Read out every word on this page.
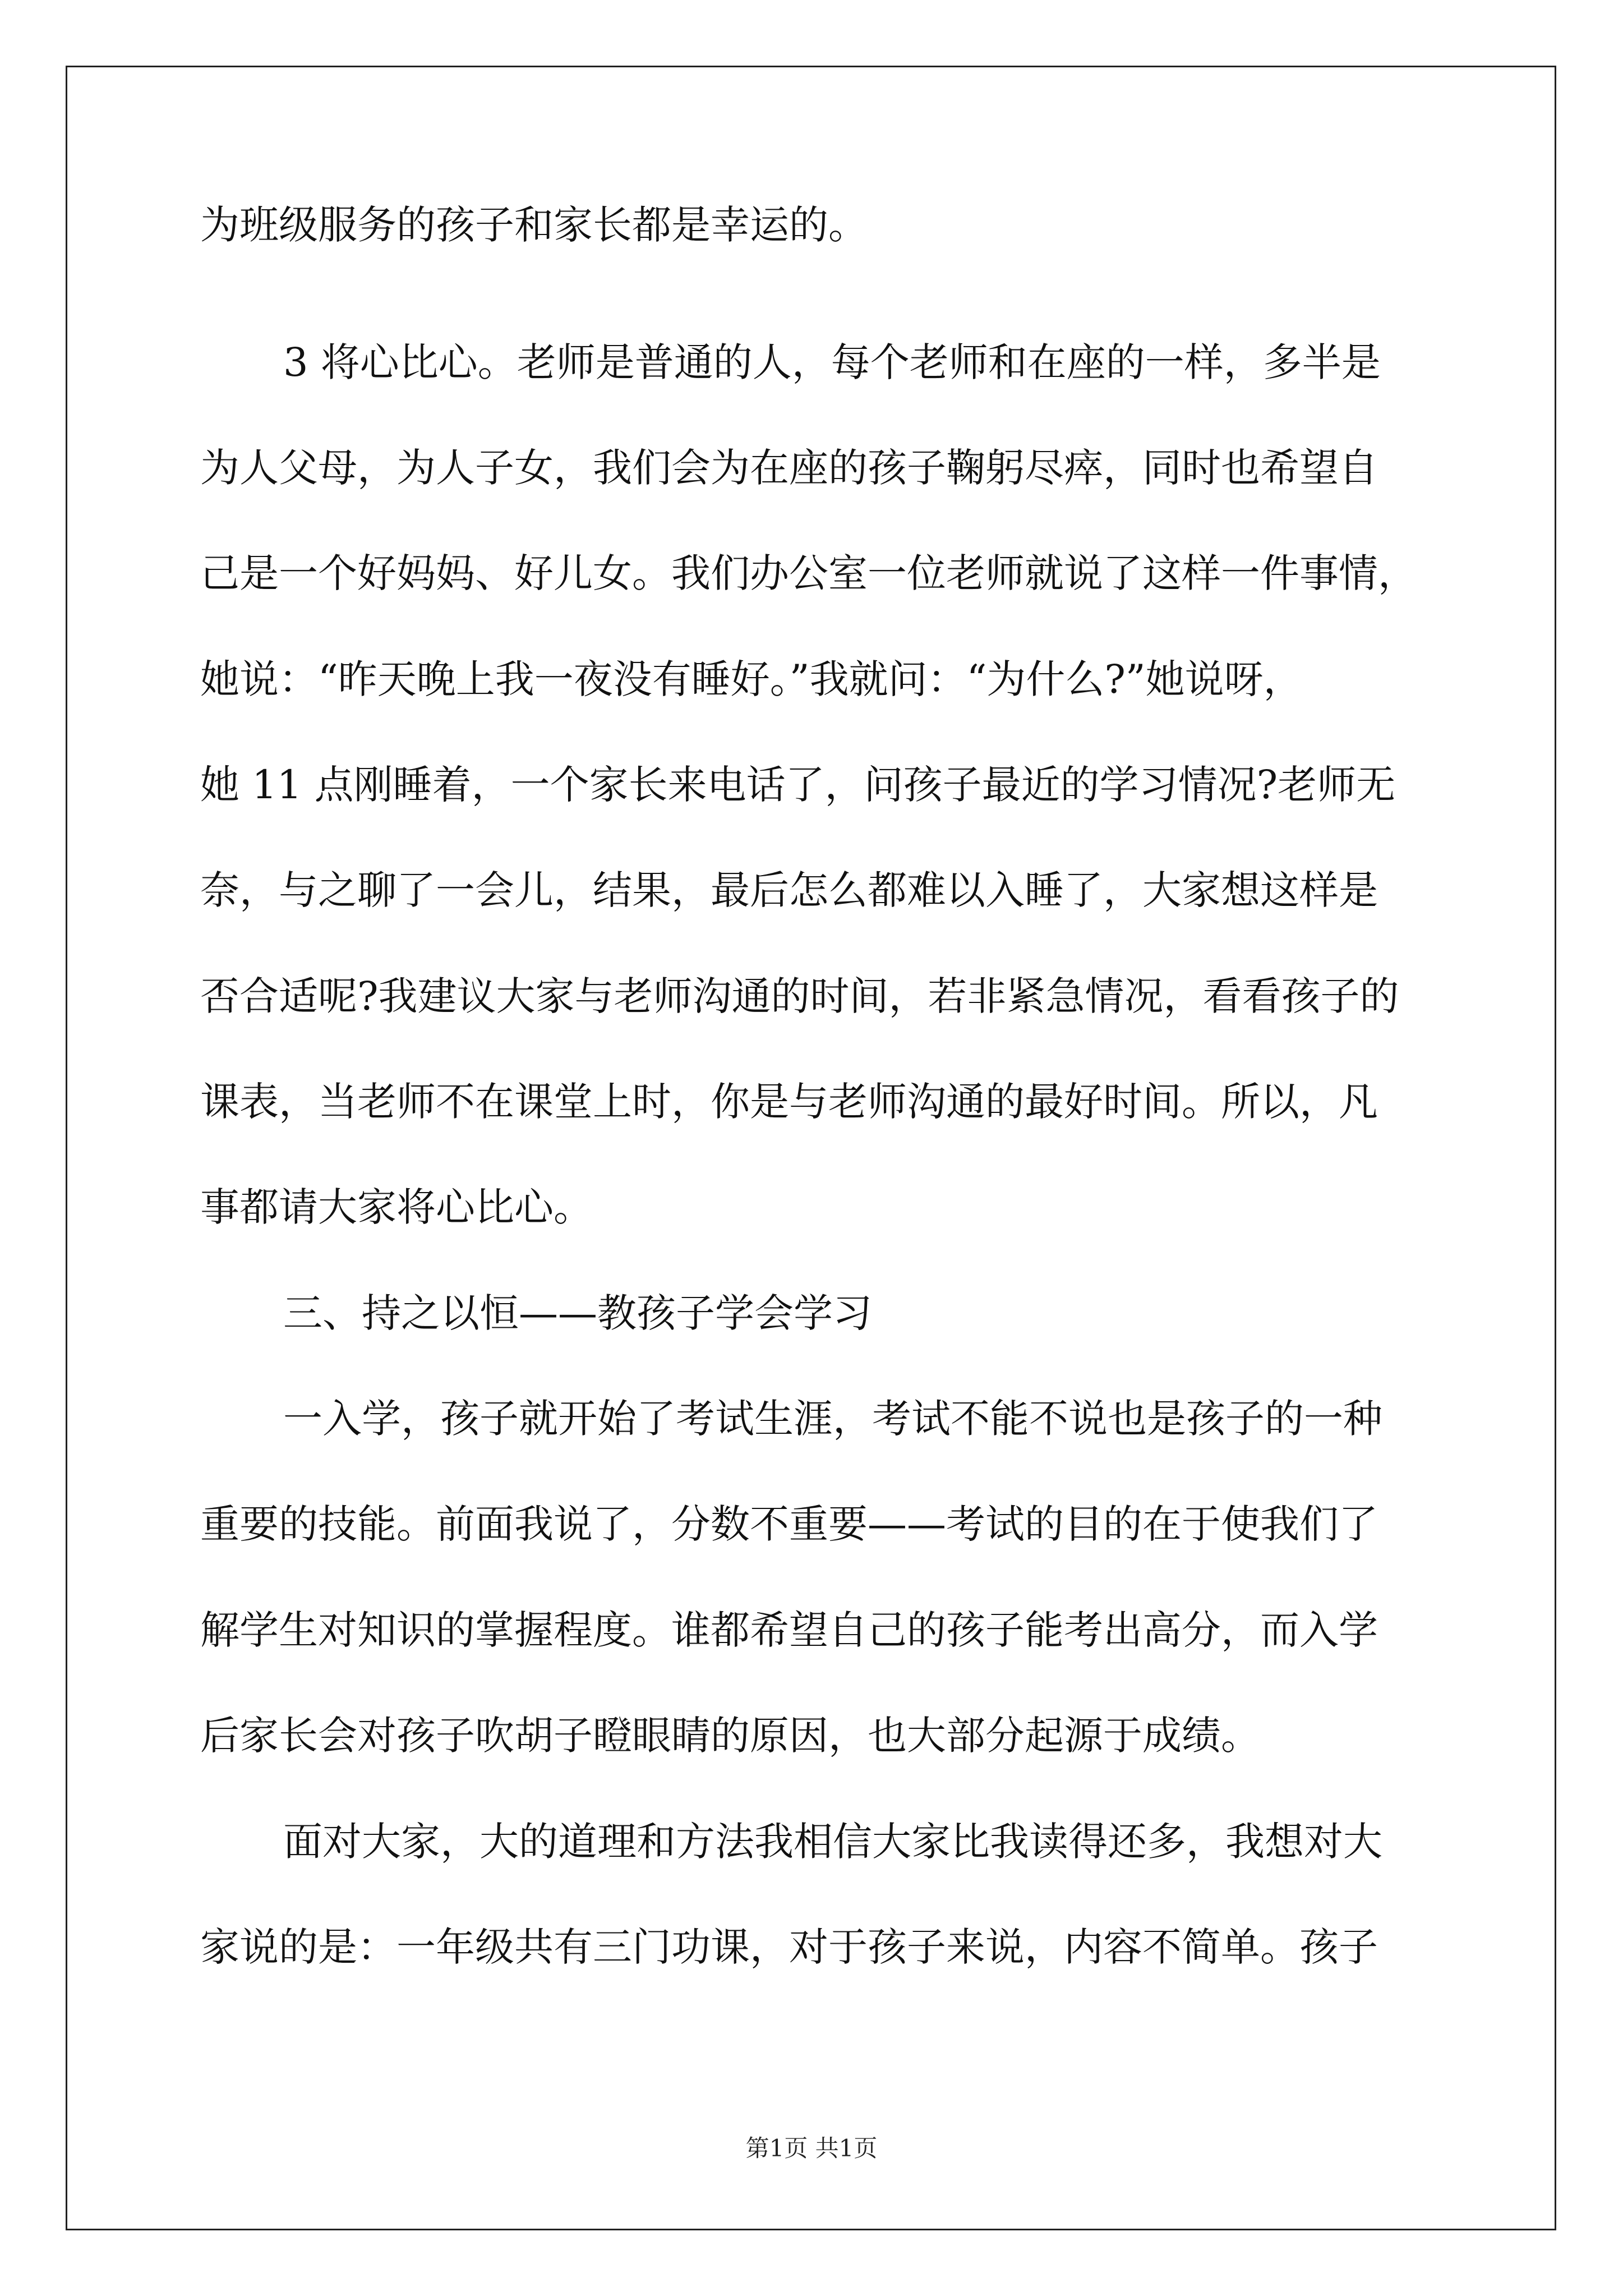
为班级服务的孩子和家长都是幸运的。
3 将心比心。老师是普通的人，每个老师和在座的一样，多半是
为人父母，为人子女，我们会为在座的孩子鞠躬尽瘁，同时也希望自
己是一个好妈妈、好儿女。我们办公室一位老师就说了这样一件事情，
她说：“昨天晚上我一夜没有睡好。”我就问：“为什么?”她说呀，
她 11 点刚睡着，一个家长来电话了，问孩子最近的学习情况?老师无
奈，与之聊了一会儿，结果，最后怎么都难以入睡了，大家想这样是
否合适呢?我建议大家与老师沟通的时间，若非紧急情况，看看孩子的
课表，当老师不在课堂上时，你是与老师沟通的最好时间。所以，凡
事都请大家将心比心。
三、持之以恒——教孩子学会学习
一入学，孩子就开始了考试生涯，考试不能不说也是孩子的一种
重要的技能。前面我说了，分数不重要——考试的目的在于使我们了
解学生对知识的掌握程度。谁都希望自己的孩子能考出高分，而入学
后家长会对孩子吹胡子瞪眼睛的原因，也大部分起源于成绩。
面对大家，大的道理和方法我相信大家比我读得还多，我想对大
家说的是：一年级共有三门功课，对于孩子来说，内容不简单。孩子
第1页 共1页
